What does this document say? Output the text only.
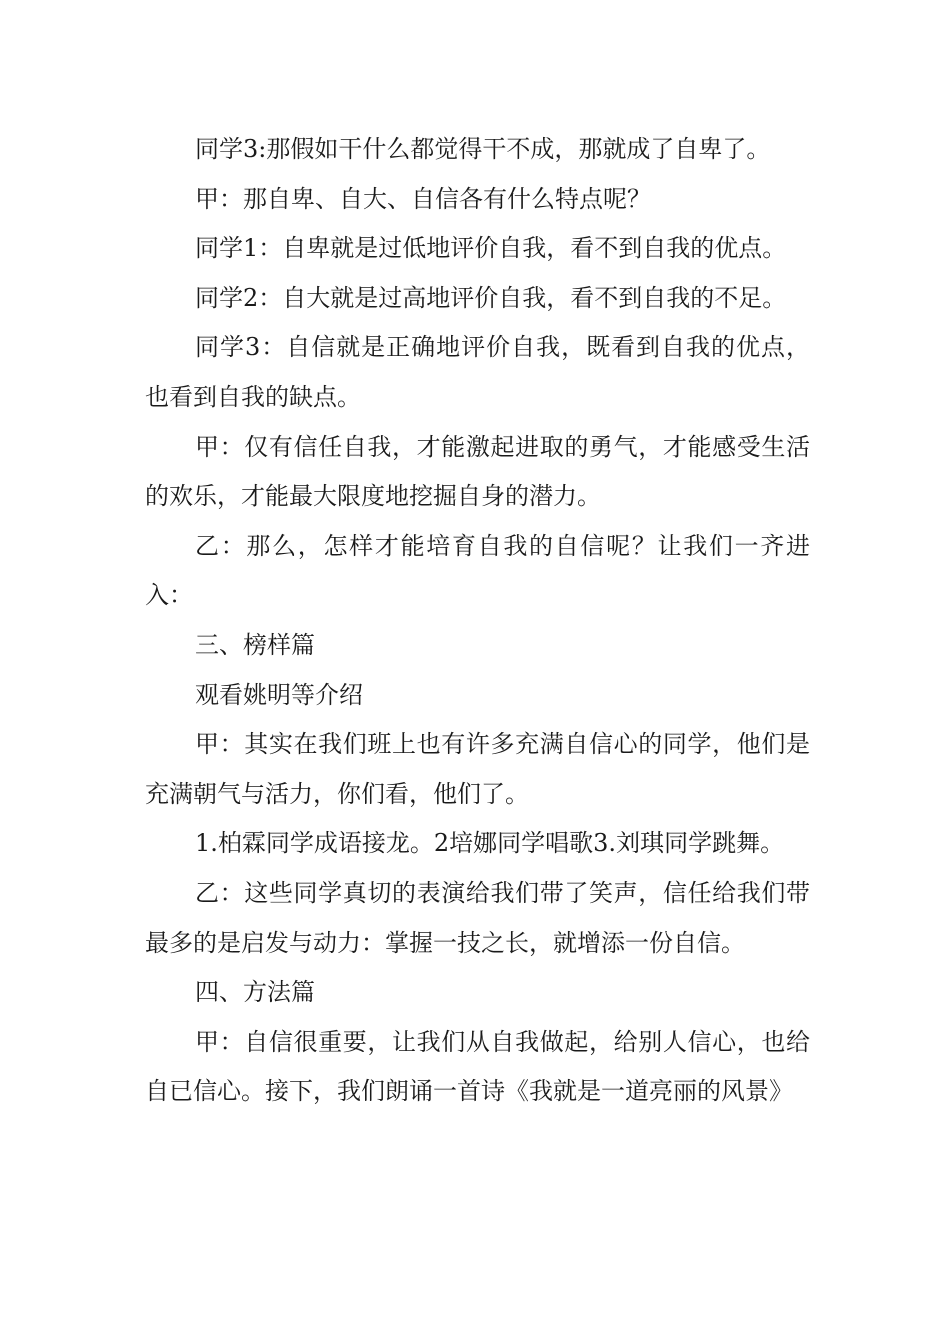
同学3:那假如干什么都觉得干不成，那就成了自卑了。

甲：那自卑、自大、自信各有什么特点呢？

同学1：自卑就是过低地评价自我，看不到自我的优点。

同学2：自大就是过高地评价自我，看不到自我的不足。

同学3：自信就是正确地评价自我，既看到自我的优点，也看到自我的缺点。

甲：仅有信任自我，才能激起进取的勇气，才能感受生活的欢乐，才能最大限度地挖掘自身的潜力。

乙：那么，怎样才能培育自我的自信呢？让我们一齐进入：

三、榜样篇

观看姚明等介绍

甲：其实在我们班上也有许多充满自信心的同学，他们是充满朝气与活力，你们看，他们了。

1.柏霖同学成语接龙。2培娜同学唱歌3.刘琪同学跳舞。

乙：这些同学真切的表演给我们带了笑声，信任给我们带最多的是启发与动力：掌握一技之长，就增添一份自信。

四、方法篇

甲：自信很重要，让我们从自我做起，给别人信心，也给自已信心。接下，我们朗诵一首诗《我就是一道亮丽的风景》
